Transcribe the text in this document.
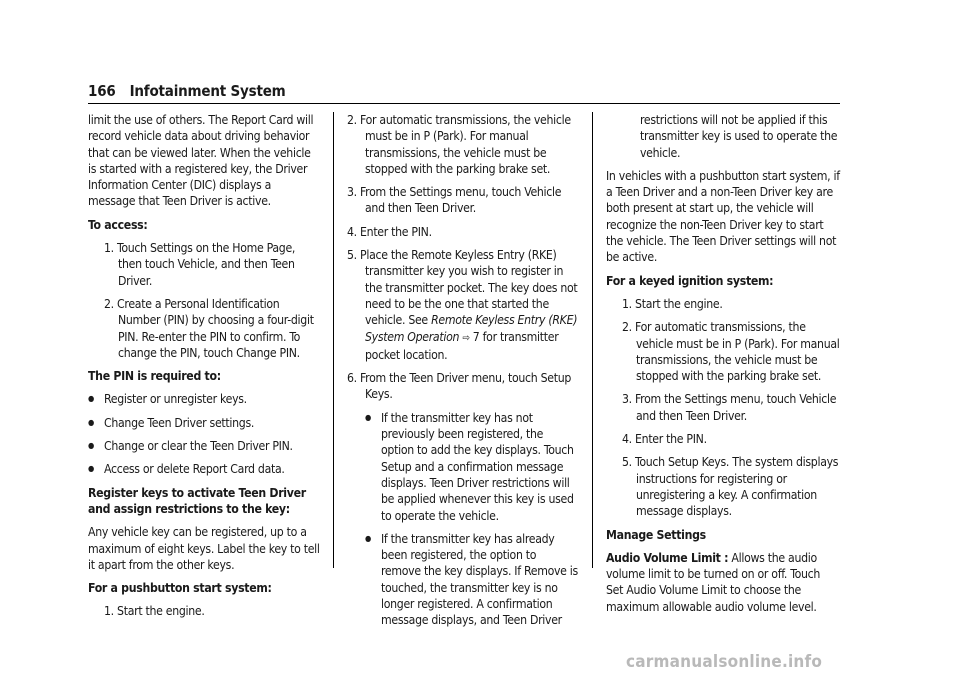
166 Infotainment System

limit the use of others. The Report Card will record vehicle data about driving behavior that can be viewed later. When the vehicle is started with a registered key, the Driver Information Center (DIC) displays a message that Teen Driver is active.

To access:

1. Touch Settings on the Home Page, then touch Vehicle, and then Teen Driver.

2. Create a Personal Identification Number (PIN) by choosing a four-digit PIN. Re-enter the PIN to confirm. To change the PIN, touch Change PIN.

The PIN is required to:

● Register or unregister keys.

● Change Teen Driver settings.

● Change or clear the Teen Driver PIN.

● Access or delete Report Card data.

Register keys to activate Teen Driver and assign restrictions to the key:

Any vehicle key can be registered, up to a maximum of eight keys. Label the key to tell it apart from the other keys.

For a pushbutton start system:

1. Start the engine.

2. For automatic transmissions, the vehicle must be in P (Park). For manual transmissions, the vehicle must be stopped with the parking brake set.

3. From the Settings menu, touch Vehicle and then Teen Driver.

4. Enter the PIN.

5. Place the Remote Keyless Entry (RKE) transmitter key you wish to register in the transmitter pocket. The key does not need to be the one that started the vehicle. See Remote Keyless Entry (RKE) System Operation ⇨ 7 for transmitter pocket location.

6. From the Teen Driver menu, touch Setup Keys.

● If the transmitter key has not previously been registered, the option to add the key displays. Touch Setup and a confirmation message displays. Teen Driver restrictions will be applied whenever this key is used to operate the vehicle.

● If the transmitter key has already been registered, the option to remove the key displays. If Remove is touched, the transmitter key is no longer registered. A confirmation message displays, and Teen Driver

restrictions will not be applied if this transmitter key is used to operate the vehicle.

In vehicles with a pushbutton start system, if a Teen Driver and a non-Teen Driver key are both present at start up, the vehicle will recognize the non-Teen Driver key to start the vehicle. The Teen Driver settings will not be active.

For a keyed ignition system:

1. Start the engine.

2. For automatic transmissions, the vehicle must be in P (Park). For manual transmissions, the vehicle must be stopped with the parking brake set.

3. From the Settings menu, touch Vehicle and then Teen Driver.

4. Enter the PIN.

5. Touch Setup Keys. The system displays instructions for registering or unregistering a key. A confirmation message displays.

Manage Settings

Audio Volume Limit : Allows the audio volume limit to be turned on or off. Touch Set Audio Volume Limit to choose the maximum allowable audio volume level.

carmanualsonline.info
